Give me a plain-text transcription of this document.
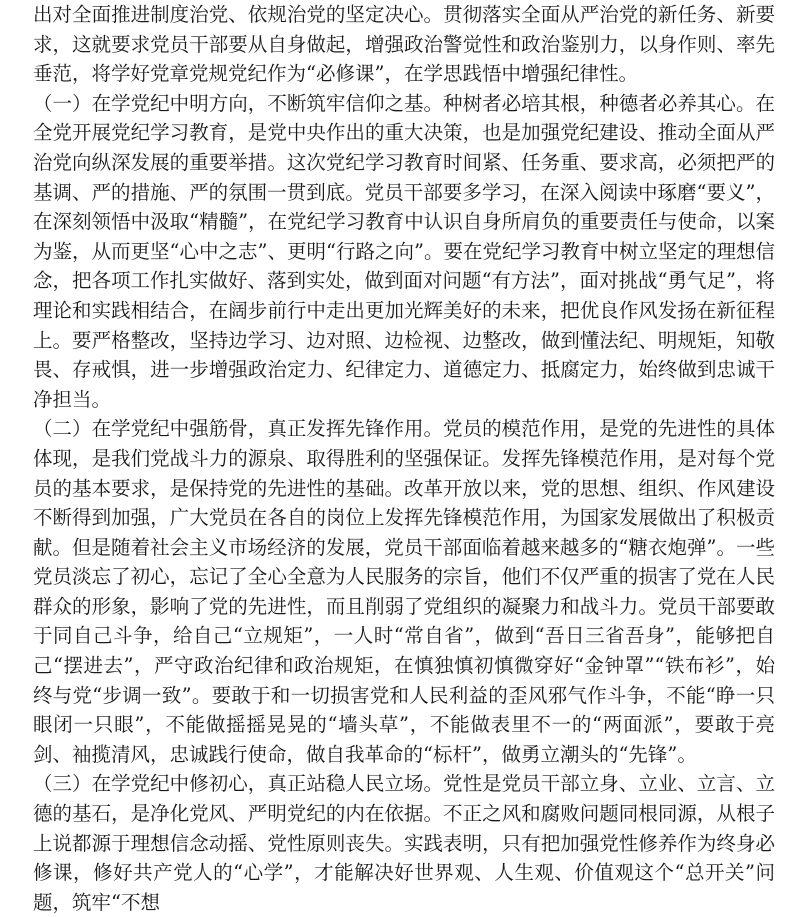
出对全面推进制度治党、依规治党的坚定决心。贯彻落实全面从严治党的新任务、新要求，这就要求党员干部要从自身做起，增强政治警觉性和政治鉴别力，以身作则、率先垂范，将学好党章党规党纪作为“必修课”，在学思践悟中增强纪律性。

（一）在学党纪中明方向，不断筑牢信仰之基。种树者必培其根，种德者必养其心。在全党开展党纪学习教育，是党中央作出的重大决策，也是加强党纪建设、推动全面从严治党向纵深发展的重要举措。这次党纪学习教育时间紧、任务重、要求高，必须把严的基调、严的措施、严的氛围一贯到底。党员干部要多学习，在深入阅读中琢磨“要义”，在深刻领悟中汲取“精髓”，在党纪学习教育中认识自身所肩负的重要责任与使命，以案为鉴，从而更坚“心中之志”、更明“行路之向”。要在党纪学习教育中树立坚定的理想信念，把各项工作扎实做好、落到实处，做到面对问题“有方法”，面对挑战“勇气足”，将理论和实践相结合，在阔步前行中走出更加光辉美好的未来，把优良作风发扬在新征程上。要严格整改，坚持边学习、边对照、边检视、边整改，做到懂法纪、明规矩，知敬畏、存戒惧，进一步增强政治定力、纪律定力、道德定力、抵腐定力，始终做到忠诚干净担当。

（二）在学党纪中强筋骨，真正发挥先锋作用。党员的模范作用，是党的先进性的具体体现，是我们党战斗力的源泉、取得胜利的坚强保证。发挥先锋模范作用，是对每个党员的基本要求，是保持党的先进性的基础。改革开放以来，党的思想、组织、作风建设不断得到加强，广大党员在各自的岗位上发挥先锋模范作用，为国家发展做出了积极贡献。但是随着社会主义市场经济的发展，党员干部面临着越来越多的“糖衣炮弹”。一些党员淡忘了初心，忘记了全心全意为人民服务的宗旨，他们不仅严重的损害了党在人民群众的形象，影响了党的先进性，而且削弱了党组织的凝聚力和战斗力。党员干部要敢于同自己斗争，给自己“立规矩”，一人时“常自省”，做到“吾日三省吾身”，能够把自己“摆进去”，严守政治纪律和政治规矩，在慎独慎初慎微穿好“金钟罩”“铁布衫”，始终与党“步调一致”。要敢于和一切损害党和人民利益的歪风邪气作斗争，不能“睁一只眼闭一只眼”，不能做摇摇晃晃的“墙头草”，不能做表里不一的“两面派”，要敢于亮剑、袖揽清风，忠诚践行使命，做自我革命的“标杆”，做勇立潮头的“先锋”。

（三）在学党纪中修初心，真正站稳人民立场。党性是党员干部立身、立业、立言、立德的基石，是净化党风、严明党纪的内在依据。不正之风和腐败问题同根同源，从根子上说都源于理想信念动摇、党性原则丧失。实践表明，只有把加强党性修养作为终身必修课，修好共产党人的“心学”，才能解决好世界观、人生观、价值观这个“总开关”问题，筑牢“不想
